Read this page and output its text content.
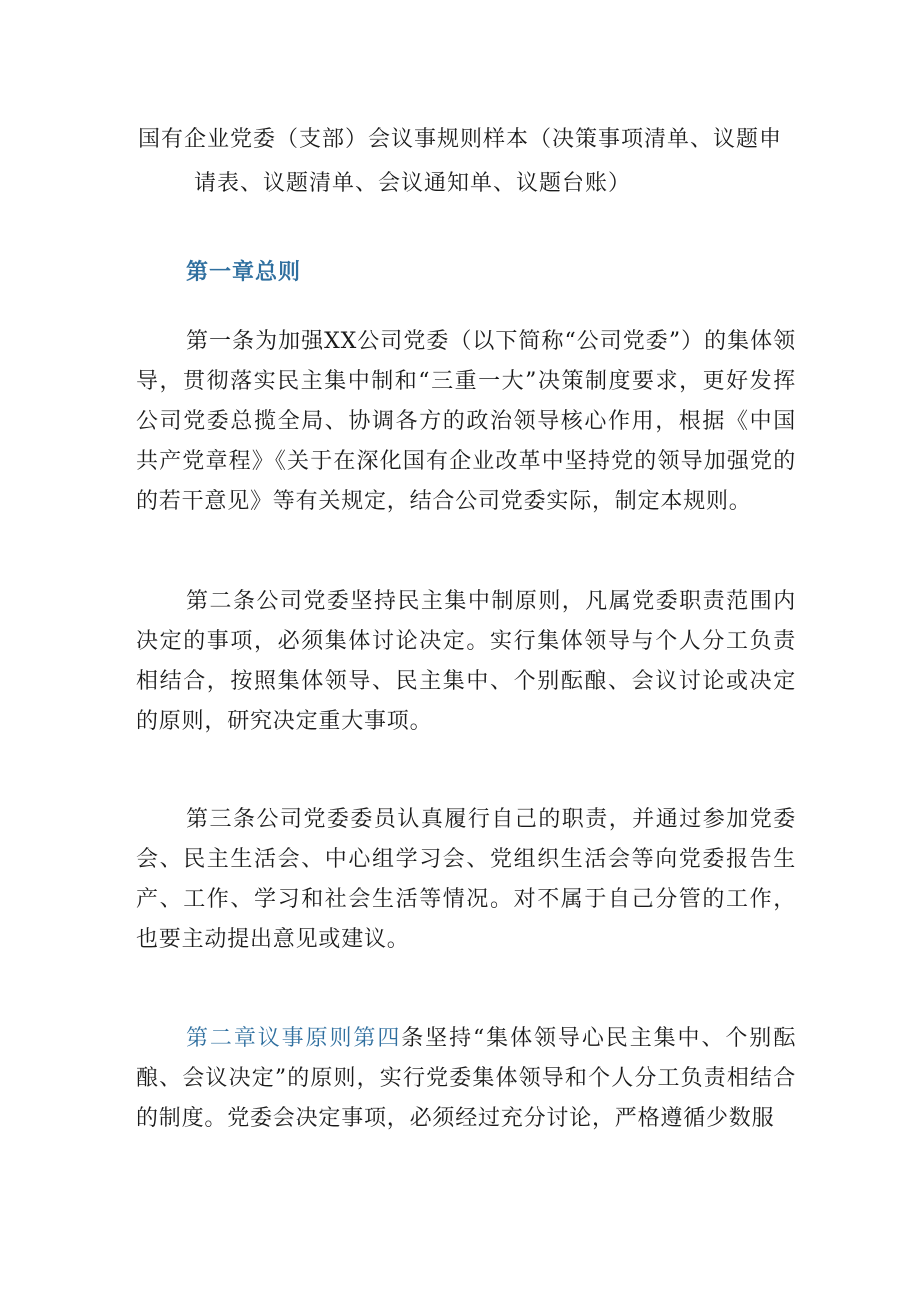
国有企业党委（支部）会议事规则样本（决策事项清单、议题申
请表、议题清单、会议通知单、议题台账）
第一章总则

第一条为加强XX公司党委（以下简称“公司党委”）的集体领导，贯彻落实民主集中制和“三重一大”决策制度要求，更好发挥公司党委总揽全局、协调各方的政治领导核心作用，根据《中国共产党章程》《关于在深化国有企业改革中坚持党的领导加强党的的若干意见》等有关规定，结合公司党委实际，制定本规则。

第二条公司党委坚持民主集中制原则，凡属党委职责范围内决定的事项，必须集体讨论决定。实行集体领导与个人分工负责相结合，按照集体领导、民主集中、个别酝酿、会议讨论或决定的原则，研究决定重大事项。

第三条公司党委委员认真履行自己的职责，并通过参加党委会、民主生活会、中心组学习会、党组织生活会等向党委报告生产、工作、学习和社会生活等情况。对不属于自己分管的工作，也要主动提出意见或建议。

第二章议事原则第四条坚持“集体领导心民主集中、个别酝酿、会议决定”的原则，实行党委集体领导和个人分工负责相结合的制度。党委会决定事项，必须经过充分讨论，严格遵循少数服
